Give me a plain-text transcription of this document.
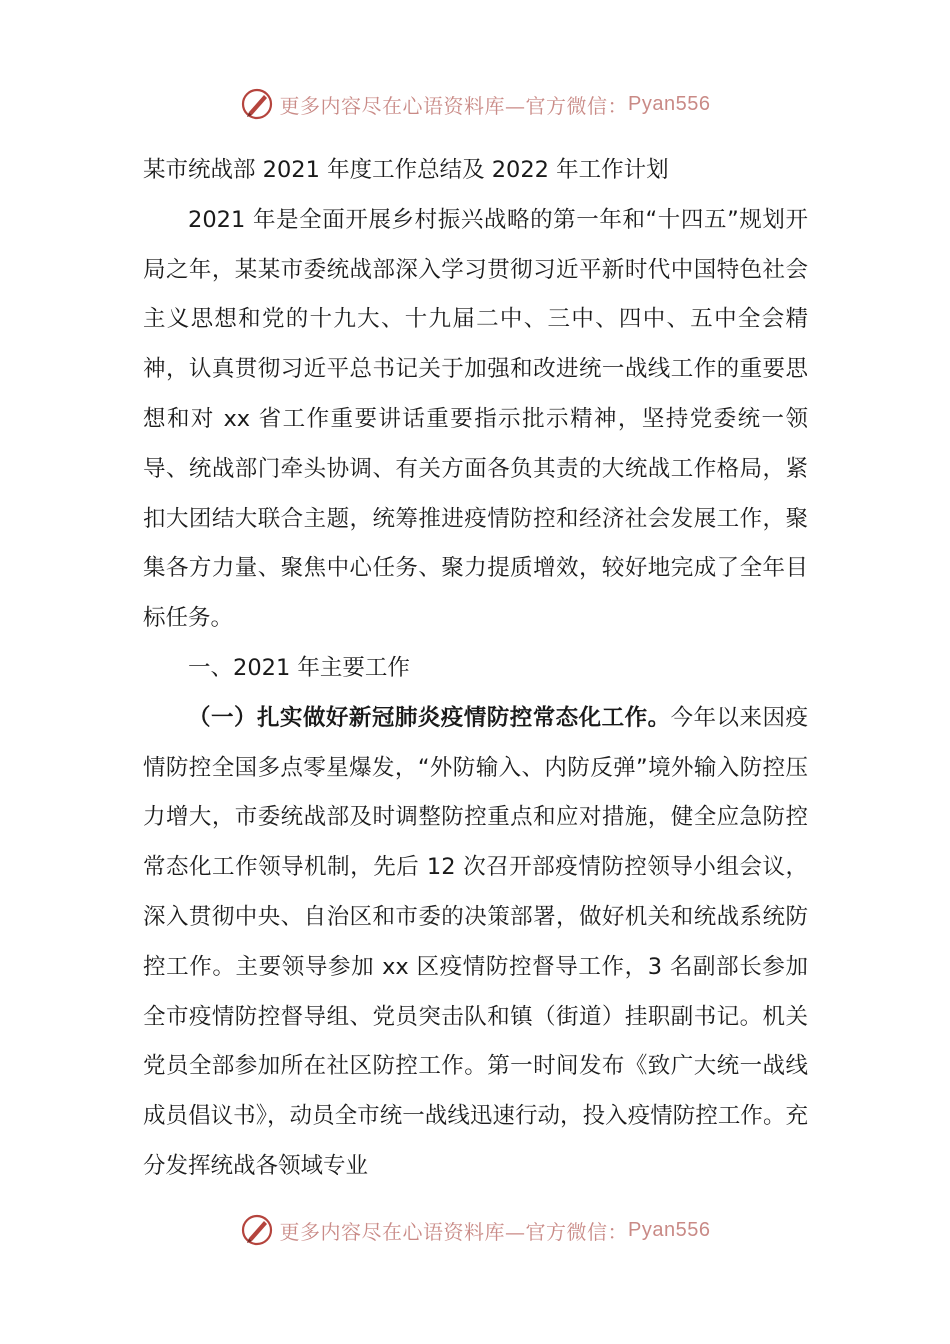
更多内容尽在心语资料库—官方微信： Pyan556
某市统战部 2021 年度工作总结及 2022 年工作计划

2021 年是全面开展乡村振兴战略的第一年和“十四五”规划开局之年，某某市委统战部深入学习贯彻习近平新时代中国特色社会主义思想和党的十九大、十九届二中、三中、四中、五中全会精神，认真贯彻习近平总书记关于加强和改进统一战线工作的重要思想和对 xx 省工作重要讲话重要指示批示精神，坚持党委统一领导、统战部门牵头协调、有关方面各负其责的大统战工作格局，紧扣大团结大联合主题，统筹推进疫情防控和经济社会发展工作，聚集各方力量、聚焦中心任务、聚力提质增效，较好地完成了全年目标任务。

一、2021 年主要工作

（一）扎实做好新冠肺炎疫情防控常态化工作。今年以来因疫情防控全国多点零星爆发，“外防输入、内防反弹”境外输入防控压力增大，市委统战部及时调整防控重点和应对措施，健全应急防控常态化工作领导机制，先后 12 次召开部疫情防控领导小组会议，深入贯彻中央、自治区和市委的决策部署，做好机关和统战系统防控工作。主要领导参加 xx 区疫情防控督导工作，3 名副部长参加全市疫情防控督导组、党员突击队和镇（街道）挂职副书记。机关党员全部参加所在社区防控工作。第一时间发布《致广大统一战线成员倡议书》，动员全市统一战线迅速行动，投入疫情防控工作。充分发挥统战各领域专业

更多内容尽在心语资料库—官方微信： Pyan556
